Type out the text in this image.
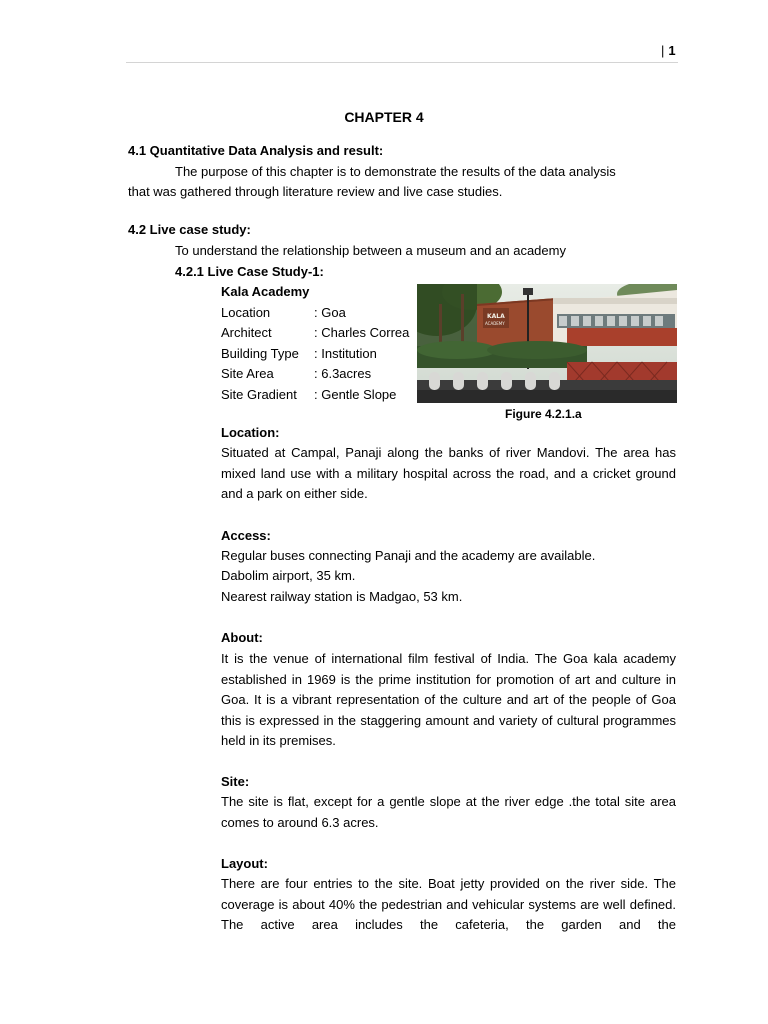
| 1
CHAPTER 4
4.1 Quantitative Data Analysis and result:
The purpose of this chapter is to demonstrate the results of the data analysis
that was gathered through literature review and live case studies.
4.2 Live case study:
To understand the relationship between a museum and an academy
4.2.1 Live Case Study-1:
Kala Academy
Location	: Goa
Architect	: Charles Correa
Building Type : Institution
Site Area	: 6.3acres
Site Gradient : Gentle Slope
KALA
ACADEMY
Figure 4.2.1.a
Location:
Situated at Campal, Panaji along the banks of river Mandovi. The area has mixed land use with a military hospital across the road, and a cricket ground and a park on either side.
Access:
Regular buses connecting Panaji and the academy are available.
Dabolim airport, 35 km.
Nearest railway station is Madgao, 53 km.
About:
It is the venue of international film festival of India. The Goa kala academy established in 1969 is the prime institution for promotion of art and culture in Goa. It is a vibrant representation of the culture and art of the people of Goa this is expressed in the staggering amount and variety of cultural programmes held in its premises.
Site:
The site is flat, except for a gentle slope at the river edge .the total site area comes to around 6.3 acres.
Layout:
There are four entries to the site. Boat jetty provided on the river side. The coverage is about 40% the pedestrian and vehicular systems are well defined. The active area includes the cafeteria, the garden and the
